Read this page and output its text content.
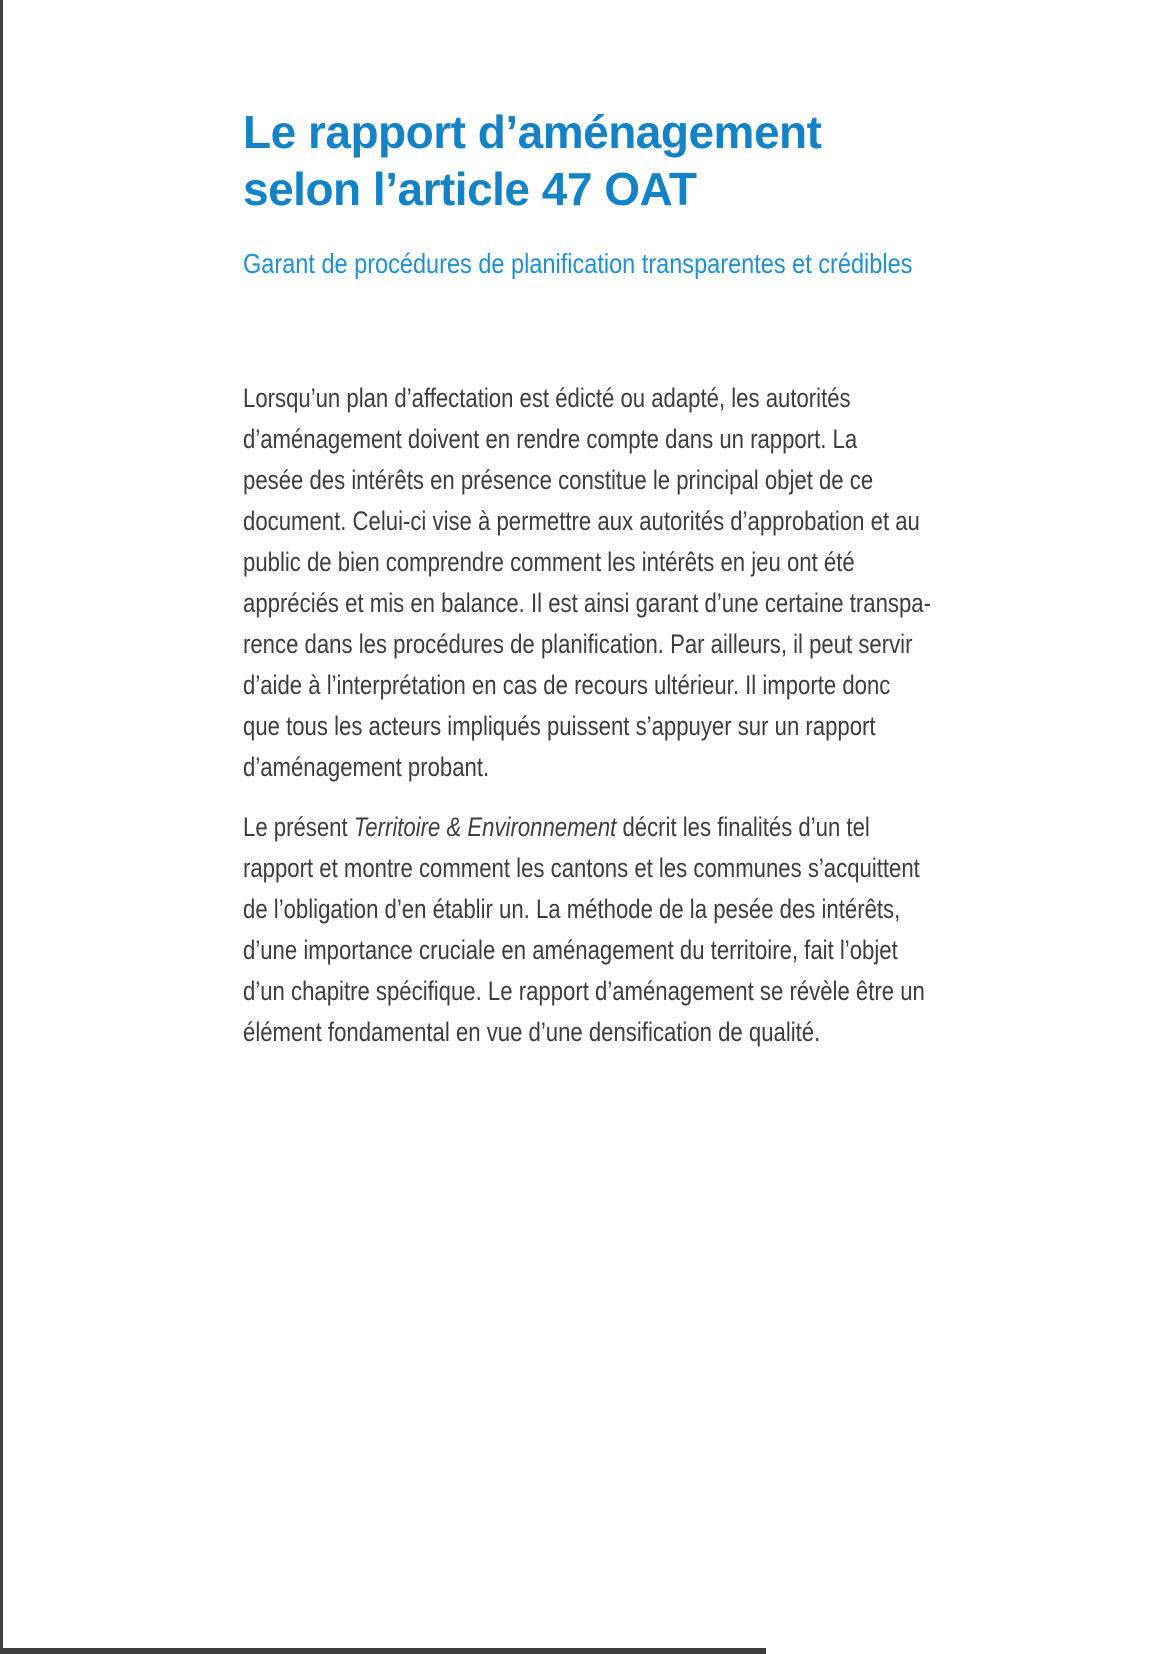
Le rapport d’aménagement
selon l’article 47 OAT
Garant de procédures de planification transparentes et crédibles
Lorsqu’un plan d’affectation est édicté ou adapté, les autorités
d’aménagement doivent en rendre compte dans un rapport. La
pesée des intérêts en présence constitue le principal objet de ce
document. Celui-ci vise à permettre aux autorités d’approbation et au
public de bien comprendre comment les intérêts en jeu ont été
appréciés et mis en balance. Il est ainsi garant d’une certaine transpa-
rence dans les procédures de planification. Par ailleurs, il peut servir
d’aide à l’interprétation en cas de recours ultérieur. Il importe donc
que tous les acteurs impliqués puissent s’appuyer sur un rapport
d’aménagement probant.
Le présent Territoire & Environnement décrit les finalités d’un tel
rapport et montre comment les cantons et les communes s’acquittent
de l’obligation d’en établir un. La méthode de la pesée des intérêts,
d’une importance cruciale en aménagement du territoire, fait l’objet
d’un chapitre spécifique. Le rapport d’aménagement se révèle être un
élément fondamental en vue d’une densification de qualité.
